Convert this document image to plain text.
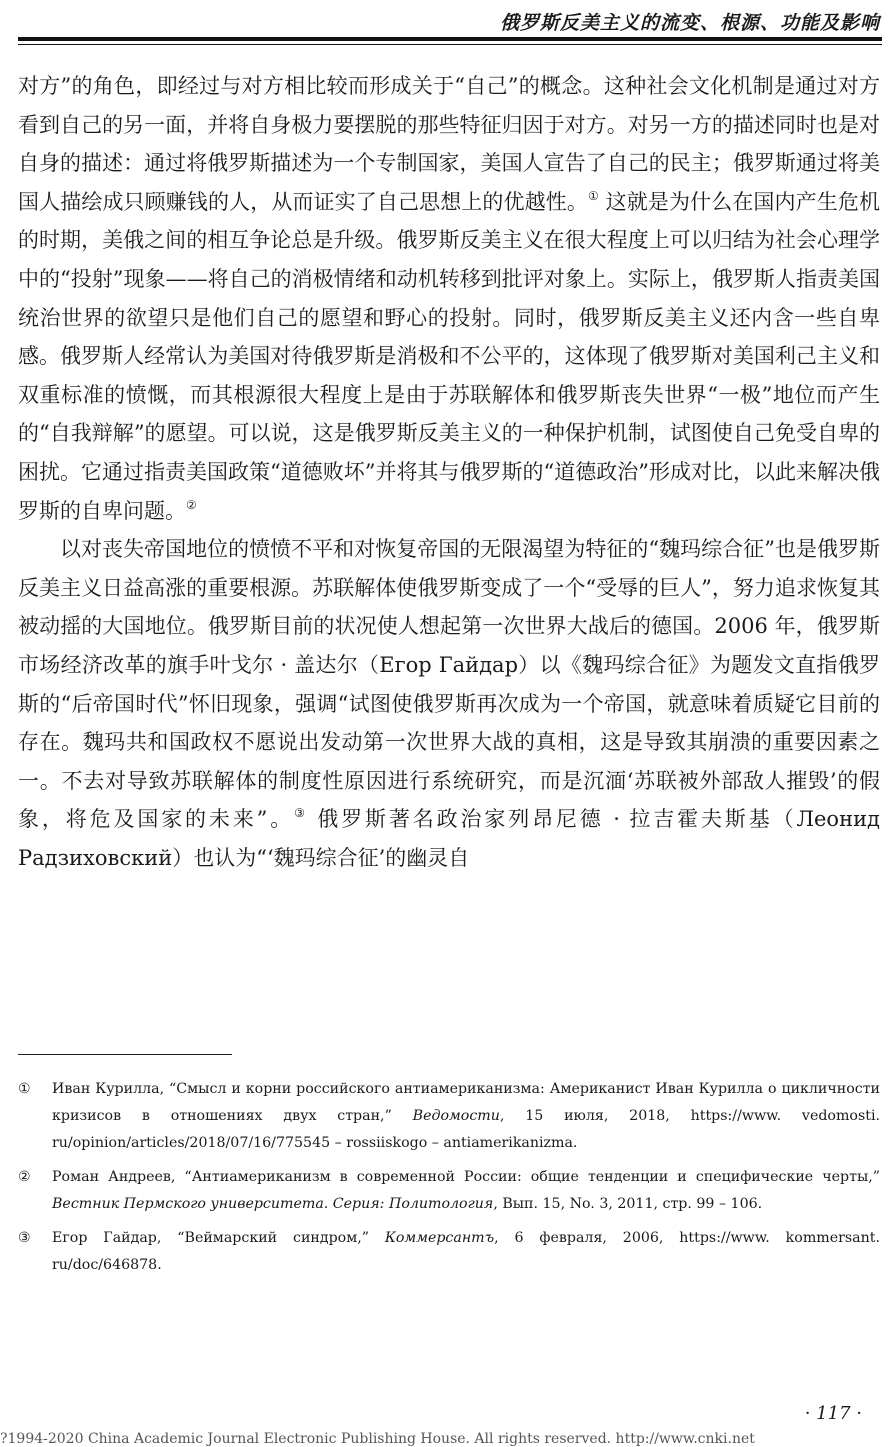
俄罗斯反美主义的流变、根源、功能及影响

对方”的角色，即经过与对方相比较而形成关于“自己”的概念。这种社会文化机制是通过对方看到自己的另一面，并将自身极力要摆脱的那些特征归因于对方。对另一方的描述同时也是对自身的描述：通过将俄罗斯描述为一个专制国家，美国人宣告了自己的民主；俄罗斯通过将美国人描绘成只顾赚钱的人，从而证实了自己思想上的优越性。① 这就是为什么在国内产生危机的时期，美俄之间的相互争论总是升级。俄罗斯反美主义在很大程度上可以归结为社会心理学中的“投射”现象——将自己的消极情绪和动机转移到批评对象上。实际上，俄罗斯人指责美国统治世界的欲望只是他们自己的愿望和野心的投射。同时，俄罗斯反美主义还内含一些自卑感。俄罗斯人经常认为美国对待俄罗斯是消极和不公平的，这体现了俄罗斯对美国利己主义和双重标准的愤慨，而其根源很大程度上是由于苏联解体和俄罗斯丧失世界“一极”地位而产生的“自我辩解”的愿望。可以说，这是俄罗斯反美主义的一种保护机制，试图使自己免受自卑的困扰。它通过指责美国政策“道德败坏”并将其与俄罗斯的“道德政治”形成对比，以此来解决俄罗斯的自卑问题。②

以对丧失帝国地位的愤愤不平和对恢复帝国的无限渴望为特征的“魏玛综合征”也是俄罗斯反美主义日益高涨的重要根源。苏联解体使俄罗斯变成了一个“受辱的巨人”，努力追求恢复其被动摇的大国地位。俄罗斯目前的状况使人想起第一次世界大战后的德国。2006 年，俄罗斯市场经济改革的旗手叶戈尔 · 盖达尔（Егор Гайдар）以《魏玛综合征》为题发文直指俄罗斯的“后帝国时代”怀旧现象，强调“试图使俄罗斯再次成为一个帝国，就意味着质疑它目前的存在。魏玛共和国政权不愿说出发动第一次世界大战的真相，这是导致其崩溃的重要因素之一。不去对导致苏联解体的制度性原因进行系统研究，而是沉湎‘苏联被外部敌人摧毁’的假象，将危及国家的未来”。③ 俄罗斯著名政治家列昂尼德 · 拉吉霍夫斯基（Леонид Радзиховский）也认为“‘魏玛综合征’的幽灵自

①	Иван Курилла, “Смысл и корни российского антиамериканизма: Американист Иван Курилла о цикличности кризисов в отношениях двух стран,” Ведомости, 15 июля, 2018, https://www. vedomosti. ru/opinion/articles/2018/07/16/775545 – rossiiskogo – antiamerikanizma.
②	Роман Андреев, “Антиамериканизм в современной России: общие тенденции и специфические черты,” Вестник Пермского университета. Серия: Политология, Вып. 15, No. 3, 2011, стр. 99 – 106.
③	Егор Гайдар, “Веймарский синдром,” Коммерсантъ, 6 февраля, 2006, https://www. kommersant. ru/doc/646878.
· 117 ·
?1994-2020 China Academic Journal Electronic Publishing House. All rights reserved. http://www.cnki.net
